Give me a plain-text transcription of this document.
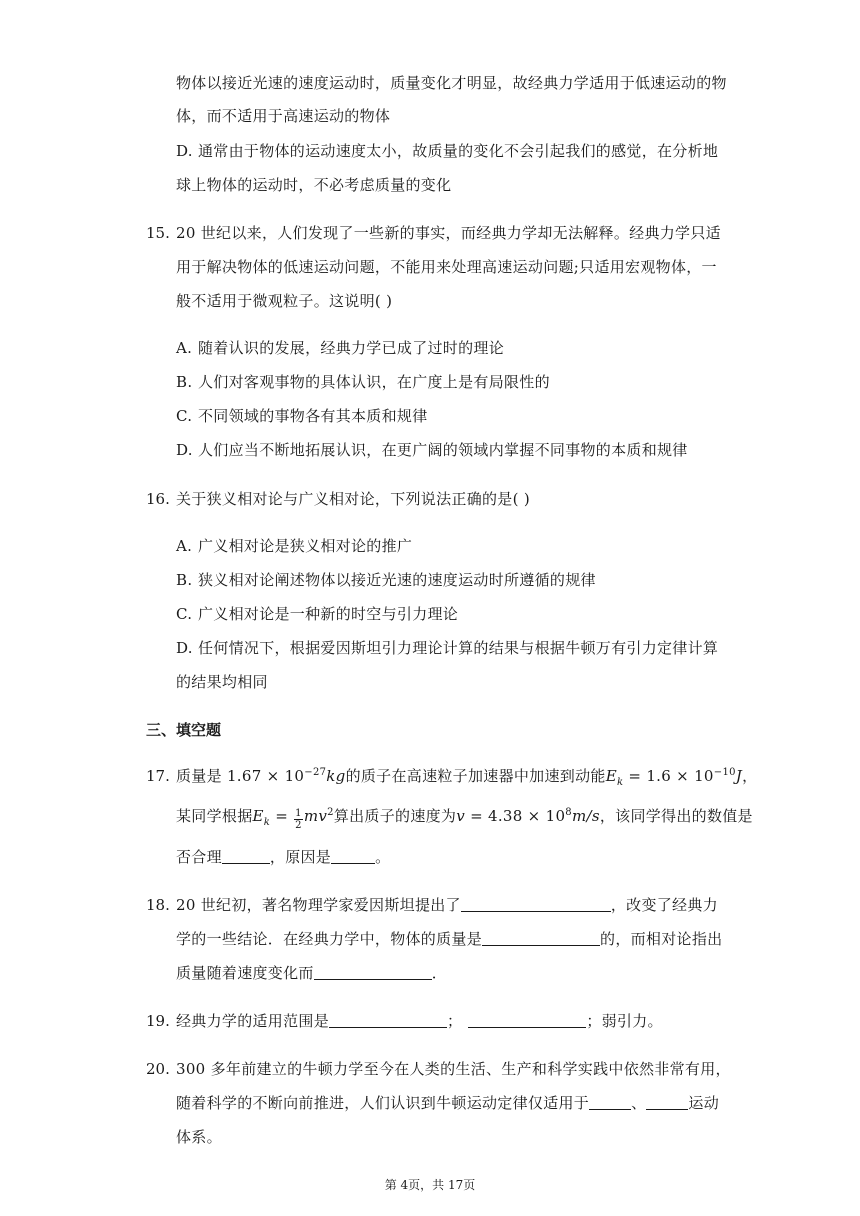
物体以接近光速的速度运动时，质量变化才明显，故经典力学适用于低速运动的物
体，而不适用于高速运动的物体
D. 通常由于物体的运动速度太小，故质量的变化不会引起我们的感觉，在分析地
球上物体的运动时，不必考虑质量的变化
15. 20 世纪以来，人们发现了一些新的事实，而经典力学却无法解释。经典力学只适
用于解决物体的低速运动问题，不能用来处理高速运动问题;只适用宏观物体，一
般不适用于微观粒子。这说明( )
A. 随着认识的发展，经典力学已成了过时的理论
B. 人们对客观事物的具体认识，在广度上是有局限性的
C. 不同领域的事物各有其本质和规律
D. 人们应当不断地拓展认识，在更广阔的领域内掌握不同事物的本质和规律
16. 关于狭义相对论与广义相对论，下列说法正确的是( )
A. 广义相对论是狭义相对论的推广
B. 狭义相对论阐述物体以接近光速的速度运动时所遵循的规律
C. 广义相对论是一种新的时空与引力理论
D. 任何情况下，根据爱因斯坦引力理论计算的结果与根据牛顿万有引力定律计算
的结果均相同
三、填空题
17. 质量是 $1.67 \times 10^{-27}kg$的质子在高速粒子加速器中加速到动能$E_k = 1.6 \times 10^{-10}J$，
某同学根据$E_k = \frac{1}{2} mv^2$算出质子的速度为$v = 4.38 \times 10^8m/s$，该同学得出的数值是
否合理	，原因是	。
18. 20 世纪初，著名物理学家爱因斯坦提出了	，改变了经典力
学的一些结论．在经典力学中，物体的质量是	的，而相对论指出
质量随着速度变化而	．
19. 经典力学的适用范围是	；	；弱引力。
20. 300 多年前建立的牛顿力学至今在人类的生活、生产和科学实践中依然非常有用，
随着科学的不断向前推进，人们认识到牛顿运动定律仅适用于	、	运动
体系。
第 4页，共 17页
